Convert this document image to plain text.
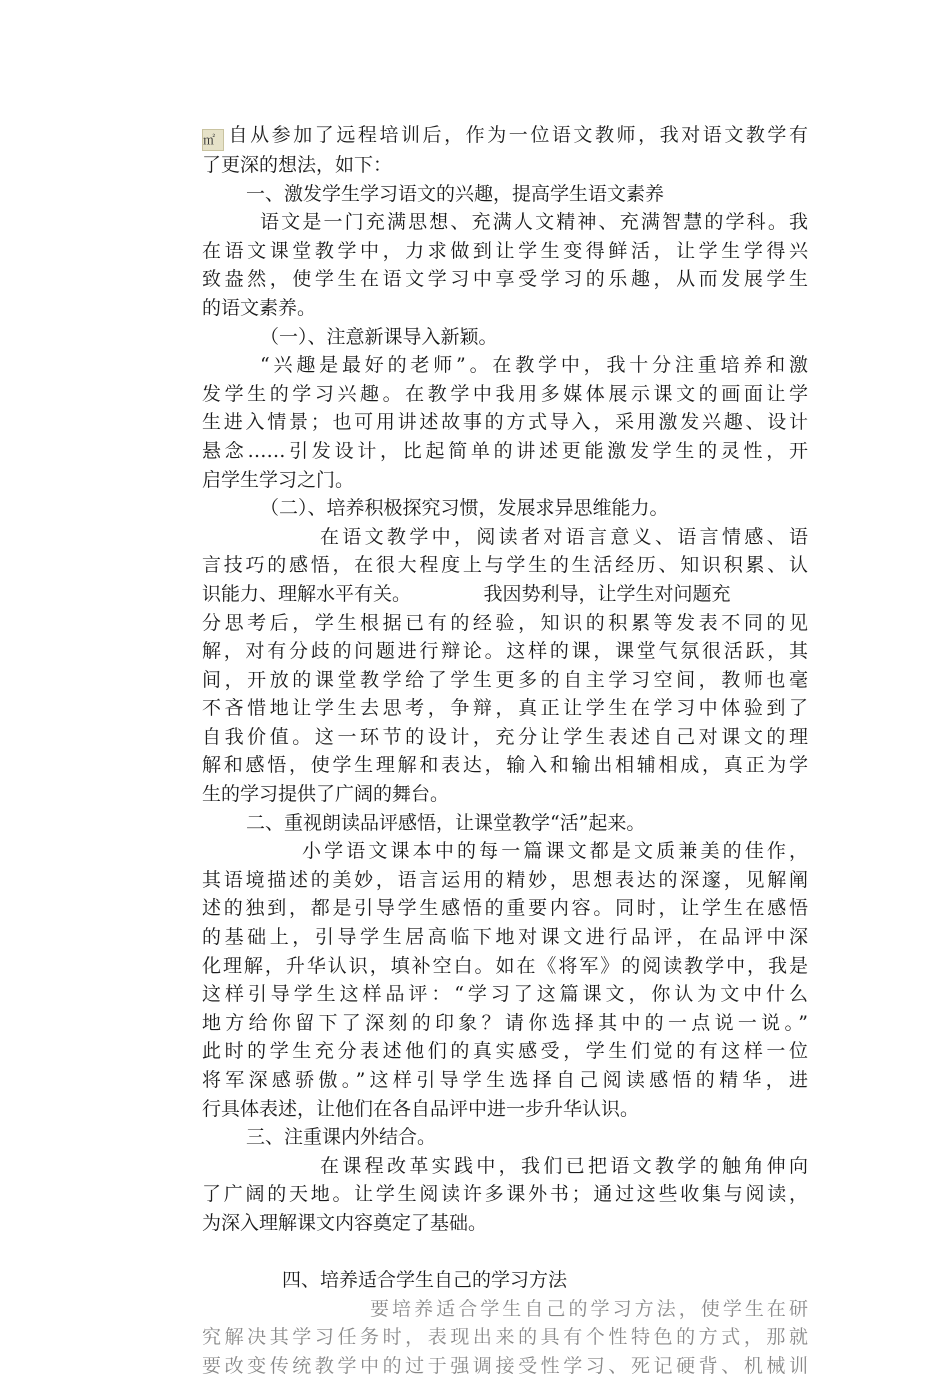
㎡ 自从参加了远程培训后，作为一位语文教师，我对语文教学有
了更深的想法，如下：
一、激发学生学习语文的兴趣，提高学生语文素养
语文是一门充满思想、充满人文精神、充满智慧的学科。我
在语文课堂教学中，力求做到让学生变得鲜活，让学生学得兴
致盎然，使学生在语文学习中享受学习的乐趣，从而发展学生
的语文素养。
（一）、注意新课导入新颖。
“兴趣是最好的老师”。在教学中，我十分注重培养和激
发学生的学习兴趣。在教学中我用多媒体展示课文的画面让学
生进入情景；也可用讲述故事的方式导入，采用激发兴趣、设计
悬念……引发设计，比起简单的讲述更能激发学生的灵性，开
启学生学习之门。
（二）、培养积极探究习惯，发展求异思维能力。
在语文教学中，阅读者对语言意义、语言情感、语
言技巧的感悟，在很大程度上与学生的生活经历、知识积累、认
识能力、理解水平有关。            我因势利导，让学生对问题充
分思考后，学生根据已有的经验，知识的积累等发表不同的见
解，对有分歧的问题进行辩论。这样的课，课堂气氛很活跃，其
间，开放的课堂教学给了学生更多的自主学习空间，教师也毫
不吝惜地让学生去思考，争辩，真正让学生在学习中体验到了
自我价值。这一环节的设计，充分让学生表述自己对课文的理
解和感悟，使学生理解和表达，输入和输出相辅相成，真正为学
生的学习提供了广阔的舞台。
二、重视朗读品评感悟，让课堂教学“活”起来。
小学语文课本中的每一篇课文都是文质兼美的佳作，
其语境描述的美妙，语言运用的精妙，思想表达的深邃，见解阐
述的独到，都是引导学生感悟的重要内容。同时，让学生在感悟
的基础上，引导学生居高临下地对课文进行品评，在品评中深
化理解，升华认识，填补空白。如在《将军》的阅读教学中，我是
这样引导学生这样品评：“学习了这篇课文，你认为文中什么
地方给你留下了深刻的印象？请你选择其中的一点说一说。”
此时的学生充分表述他们的真实感受，学生们觉的有这样一位
将军深感骄傲。”这样引导学生选择自己阅读感悟的精华，进
行具体表述，让他们在各自品评中进一步升华认识。
三、注重课内外结合。
在课程改革实践中，我们已把语文教学的触角伸向
了广阔的天地。让学生阅读许多课外书；通过这些收集与阅读，
为深入理解课文内容奠定了基础。
四、培养适合学生自己的学习方法
要培养适合学生自己的学习方法，使学生在研
究解决其学习任务时，表现出来的具有个性特色的方式，那就
要改变传统教学中的过于强调接受性学习、死记硬背、机械训
